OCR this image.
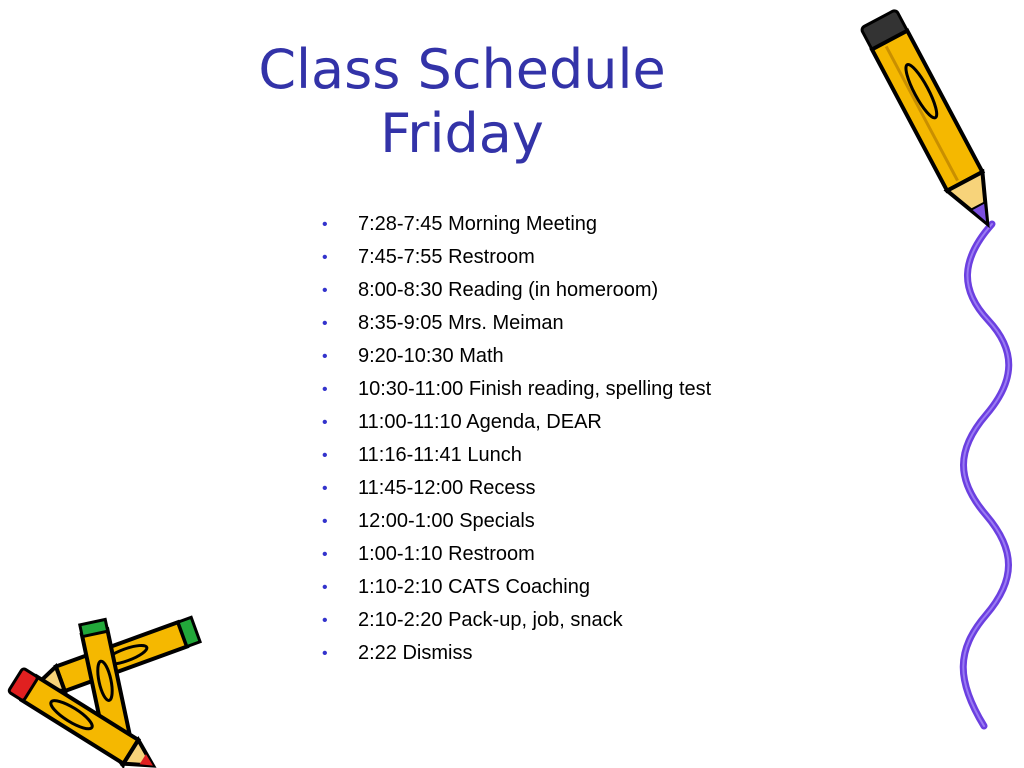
Class Schedule
Friday
• 7:28-7:45 Morning Meeting
• 7:45-7:55 Restroom
• 8:00-8:30 Reading (in homeroom)
• 8:35-9:05 Mrs. Meiman
• 9:20-10:30 Math
• 10:30-11:00 Finish reading, spelling test
• 11:00-11:10 Agenda, DEAR
• 11:16-11:41 Lunch
• 11:45-12:00 Recess
• 12:00-1:00 Specials
• 1:00-1:10 Restroom
• 1:10-2:10 CATS Coaching
• 2:10-2:20 Pack-up, job, snack
• 2:22 Dismiss
